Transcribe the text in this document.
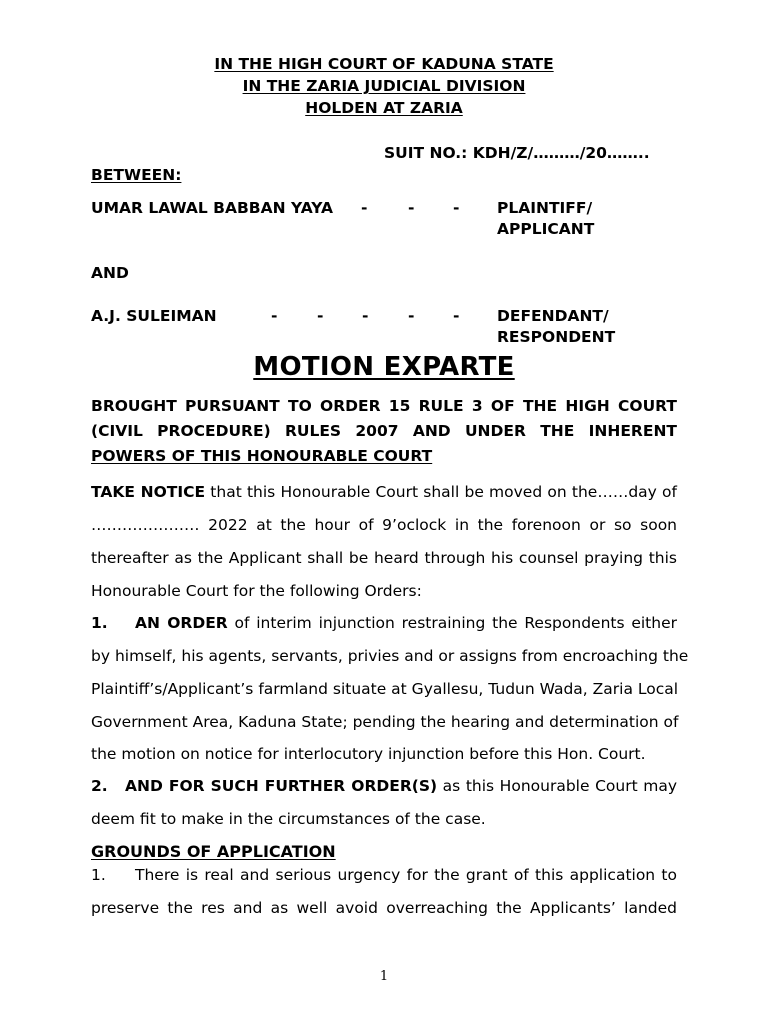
IN THE HIGH COURT OF KADUNA STATE
IN THE ZARIA JUDICIAL DIVISION
HOLDEN AT ZARIA
SUIT NO.: KDH/Z/………/20……..
BETWEEN:
UMAR LAWAL BABBAN YAYA -	- - PLAINTIFF/
APPLICANT
AND
A.J. SULEIMAN	-	- -	- - DEFENDANT/
RESPONDENT
MOTION EXPARTE
BROUGHT PURSUANT TO ORDER 15 RULE 3 OF THE HIGH COURT
(CIVIL PROCEDURE) RULES 2007 AND UNDER THE INHERENT
POWERS OF THIS HONOURABLE COURT
TAKE NOTICE that this Honourable Court shall be moved on the……day of
………………… 2022 at the hour of 9’oclock in the forenoon or so soon
thereafter as the Applicant shall be heard through his counsel praying this
Honourable Court for the following Orders:
1. AN ORDER of interim injunction restraining the Respondents either
by himself, his agents, servants, privies and or assigns from encroaching the
Plaintiff’s/Applicant’s farmland situate at Gyallesu, Tudun Wada, Zaria Local
Government Area, Kaduna State; pending the hearing and determination of
the motion on notice for interlocutory injunction before this Hon. Court.
2. AND FOR SUCH FURTHER ORDER(S) as this Honourable Court may
deem fit to make in the circumstances of the case.
GROUNDS OF APPLICATION
1. There is real and serious urgency for the grant of this application to
preserve the res and as well avoid overreaching the Applicants’ landed
1
